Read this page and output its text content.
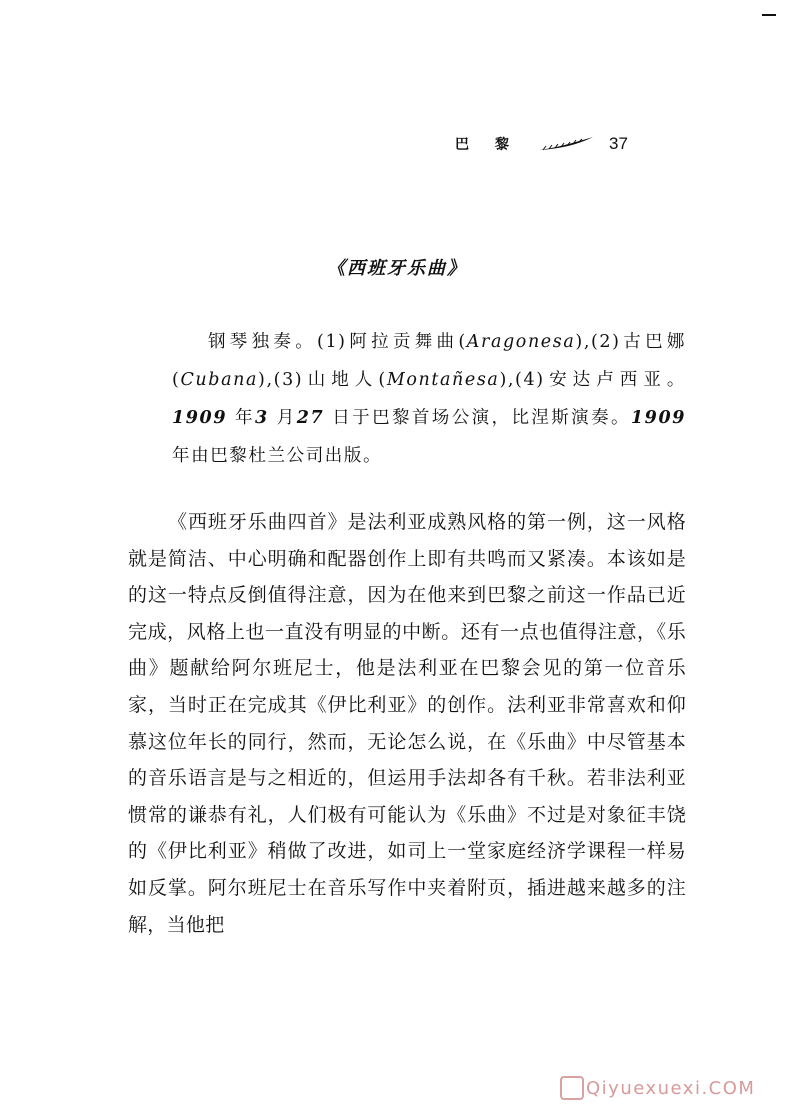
巴黎	37
《西班牙乐曲》
钢琴独奏。(1)阿拉贡舞曲(Aragonesa),(2)古巴娜(Cubana),(3)山地人(Montañesa),(4)安达卢西亚。1909 年3 月27 日于巴黎首场公演，比涅斯演奏。1909 年由巴黎杜兰公司出版。
《西班牙乐曲四首》是法利亚成熟风格的第一例，这一风格就是简洁、中心明确和配器创作上即有共鸣而又紧凑。本该如是的这一特点反倒值得注意，因为在他来到巴黎之前这一作品已近完成，风格上也一直没有明显的中断。还有一点也值得注意，《乐曲》题献给阿尔班尼士，他是法利亚在巴黎会见的第一位音乐家，当时正在完成其《伊比利亚》的创作。法利亚非常喜欢和仰慕这位年长的同行，然而，无论怎么说，在《乐曲》中尽管基本的音乐语言是与之相近的，但运用手法却各有千秋。若非法利亚惯常的谦恭有礼，人们极有可能认为《乐曲》不过是对象征丰饶的《伊比利亚》稍做了改进，如司上一堂家庭经济学课程一样易如反掌。阿尔班尼士在音乐写作中夹着附页，插进越来越多的注解，当他把
Qiyuexuexi.COM
